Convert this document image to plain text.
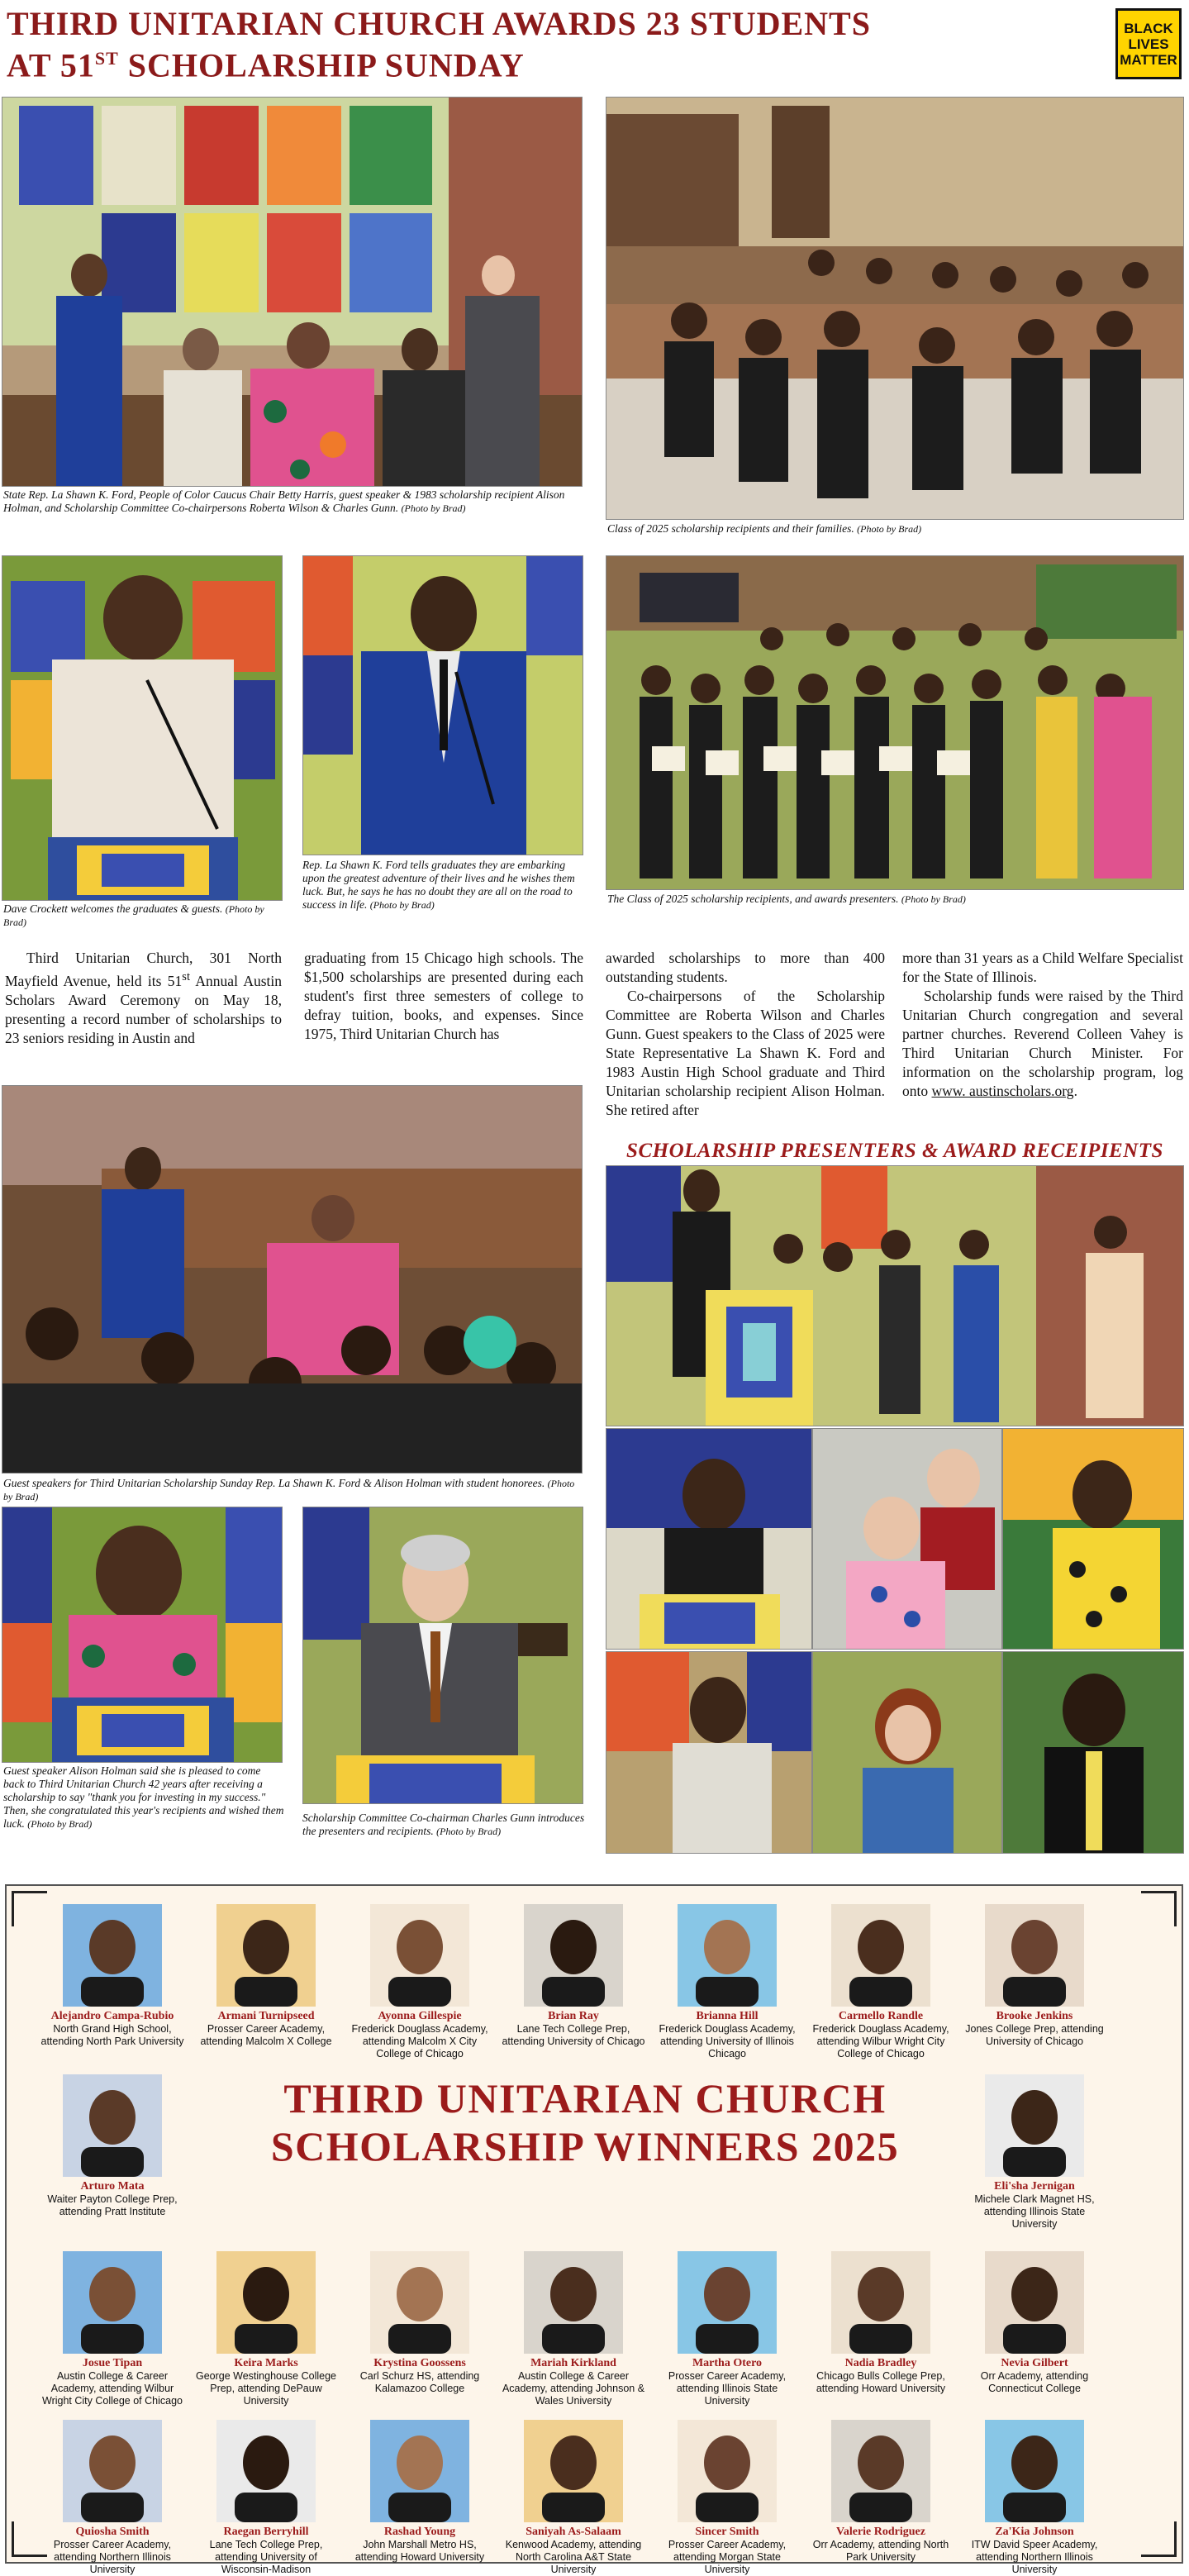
THIRD UNITARIAN CHURCH AWARDS 23 STUDENTS
AT 51ST SCHOLARSHIP SUNDAY
BLACK
LIVES
MATTER
State Rep. La Shawn K. Ford, People of Color Caucus Chair Betty Harris, guest speaker & 1983 scholarship recipient Alison Holman, and Scholarship Committee Co-chairpersons Roberta Wilson & Charles Gunn. (Photo by Brad)
Class of 2025 scholarship recipients and their families. (Photo by Brad)
Dave Crockett welcomes the graduates & guests. (Photo by Brad)
Rep. La Shawn K. Ford tells graduates they are embarking upon the greatest adventure of their lives and he wishes them luck. But, he says he has no doubt they are all on the road to success in life. (Photo by Brad)	The Class of 2025 scholarship recipients, and awards presenters. (Photo by Brad)

Third Unitarian Church, 301 North Mayfield Avenue, held its 51st Annual Austin Scholars Award Ceremony on May 18, presenting a record number of scholarships to 23 seniors residing in Austin and

graduating from 15 Chicago high schools. The $1,500 scholarships are presented during each student's first three semesters of college to defray tuition, books, and expenses. Since 1975, Third Unitarian Church has

awarded scholarships to more than 400 outstanding students.

Co-chairpersons of the Scholarship Committee are Roberta Wilson and Charles Gunn. Guest speakers to the Class of 2025 were State Representative La Shawn K. Ford and 1983 Austin High School graduate and Third Unitarian scholarship recipient Alison Holman. She retired after

more than 31 years as a Child Welfare Specialist for the State of Illinois.

Scholarship funds were raised by the Third Unitarian Church congregation and several partner churches. Reverend Colleen Vahey is Third Unitarian Church Minister. For information on the scholarship program, log onto www. austinscholars.org.

Guest speakers for Third Unitarian Scholarship Sunday Rep. La Shawn K. Ford & Alison Holman with student honorees. (Photo by Brad)
SCHOLARSHIP PRESENTERS & AWARD RECEIPIENTS
Guest speaker Alison Holman said she is pleased to come back to Third Unitarian Church 42 years after receiving a scholarship to say "thank you for investing in my success." Then, she congratulated this year's recipients and wished them luck. (Photo by Brad)	Scholarship Committee Co-chairman Charles Gunn introduces the presenters and recipients. (Photo by Brad)
THIRD UNITARIAN CHURCH
SCHOLARSHIP WINNERS 2025
Alejandro Campa-Rubio
North Grand High School, attending North Park University
Armani Turnipseed
Prosser Career Academy, attending Malcolm X College
Ayonna Gillespie
Frederick Douglass Academy, attending Malcolm X City College of Chicago
Brian Ray
Lane Tech College Prep, attending University of Chicago
Brianna Hill
Frederick Douglass Academy, attending University of Illinois Chicago
Carmello Randle
Frederick Douglass Academy, attending Wilbur Wright City College of Chicago
Brooke Jenkins
Jones College Prep, attending University of Chicago
Arturo Mata
Waiter Payton College Prep, attending Pratt Institute
Eli'sha Jernigan
Michele Clark Magnet HS, attending Illinois State University
Josue Tipan
Austin College & Career Academy, attending Wilbur Wright City College of Chicago
Keira Marks
George Westinghouse College Prep, attending DePauw University
Krystina Goossens
Carl Schurz HS, attending Kalamazoo College
Mariah Kirkland
Austin College & Career Academy, attending Johnson & Wales University
Martha Otero
Prosser Career Academy, attending Illinois State University
Nadia Bradley
Chicago Bulls College Prep, attending Howard University
Nevia Gilbert
Orr Academy, attending Connecticut College
Quiosha Smith
Prosser Career Academy, attending Northern Illinois University
Raegan Berryhill
Lane Tech College Prep, attending University of Wisconsin-Madison
Rashad Young
John Marshall Metro HS, attending Howard University
Saniyah As-Salaam
Kenwood Academy, attending North Carolina A&T State University
Sincer Smith
Prosser Career Academy, attending Morgan State University
Valerie Rodriguez
Orr Academy, attending North Park University
Za'Kia Johnson
ITW David Speer Academy, attending Northern Illinois University
